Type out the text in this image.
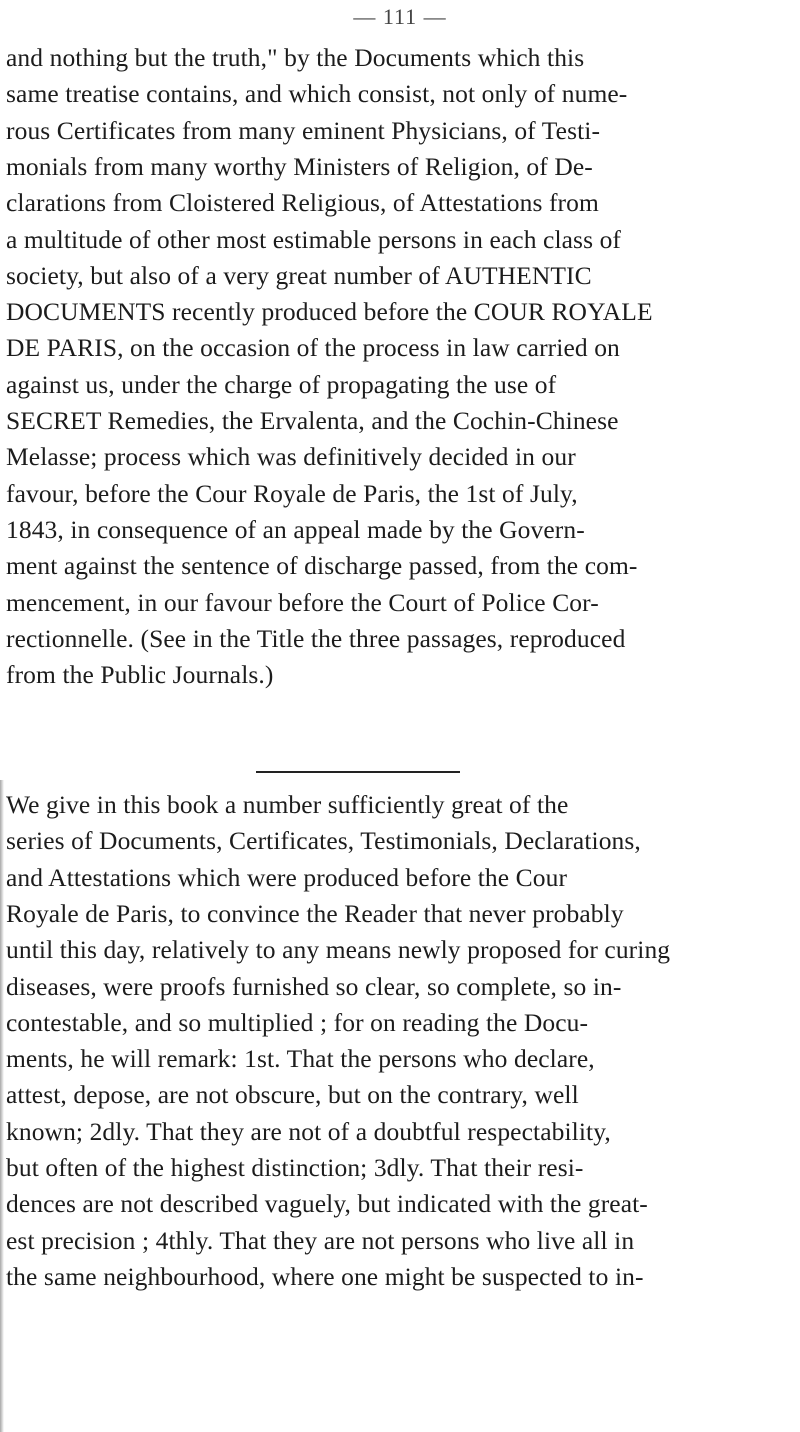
— 111 —
and nothing but the truth," by the Documents which this
same treatise contains, and which consist, not only of nume-
rous Certificates from many eminent Physicians, of Testi-
monials from many worthy Ministers of Religion, of De-
clarations from Cloistered Religious, of Attestations from
a multitude of other most estimable persons in each class of
society, but also of a very great number of AUTHENTIC
DOCUMENTS recently produced before the COUR ROYALE
DE PARIS, on the occasion of the process in law carried on
against us, under the charge of propagating the use of
SECRET Remedies, the Ervalenta, and the Cochin-Chinese
Melasse; process which was definitively decided in our
favour, before the Cour Royale de Paris, the 1st of July,
1843, in consequence of an appeal made by the Govern-
ment against the sentence of discharge passed, from the com-
mencement, in our favour before the Court of Police Cor-
rectionnelle. (See in the Title the three passages, reproduced
from the Public Journals.)
We give in this book a number sufficiently great of the
series of Documents, Certificates, Testimonials, Declarations,
and Attestations which were produced before the Cour
Royale de Paris, to convince the Reader that never probably
until this day, relatively to any means newly proposed for curing
diseases, were proofs furnished so clear, so complete, so in-
contestable, and so multiplied ; for on reading the Docu-
ments, he will remark: 1st. That the persons who declare,
attest, depose, are not obscure, but on the contrary, well
known; 2dly. That they are not of a doubtful respectability,
but often of the highest distinction; 3dly. That their resi-
dences are not described vaguely, but indicated with the great-
est precision ; 4thly. That they are not persons who live all in
the same neighbourhood, where one might be suspected to in-
